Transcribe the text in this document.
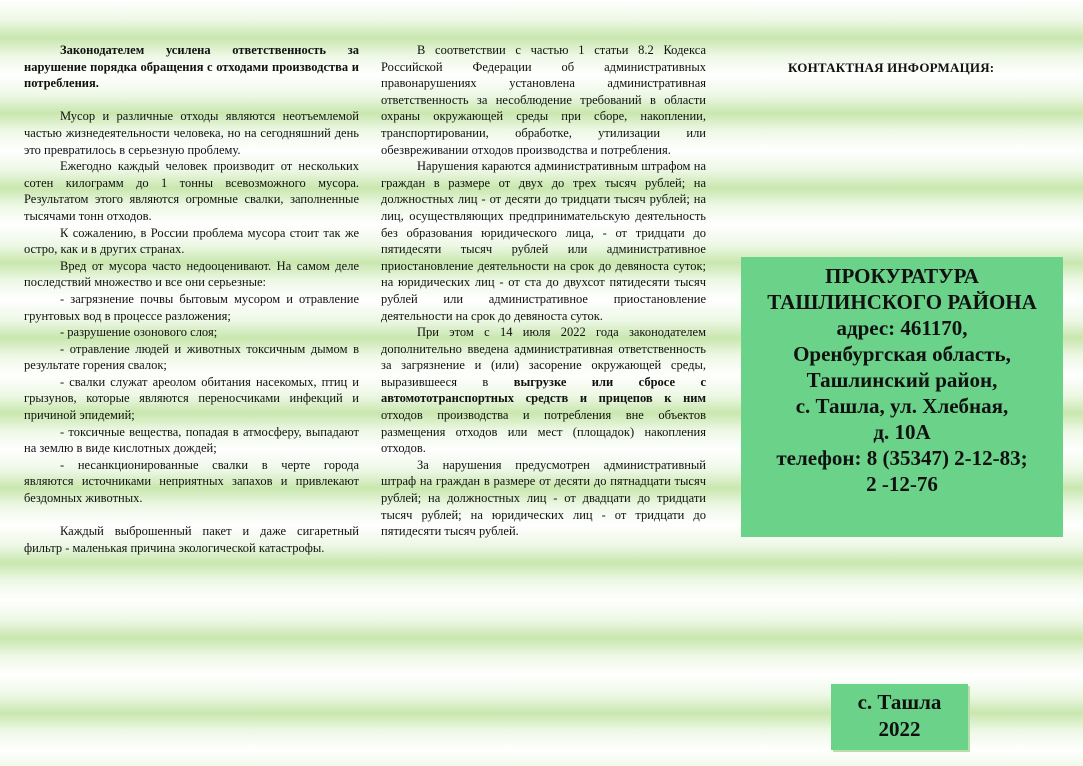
Законодателем усилена ответственность за нарушение порядка обращения с отходами производства и потребления.

Мусор и различные отходы являются неотъемлемой частью жизнедеятельности человека, но на сегодняшний день это превратилось в серьезную проблему.

Ежегодно каждый человек производит от нескольких сотен килограмм до 1 тонны всевозможного мусора. Результатом этого являются огромные свалки, заполненные тысячами тонн отходов.

К сожалению, в России проблема мусора стоит так же остро, как и в других странах.

Вред от мусора часто недооценивают. На самом деле последствий множество и все они серьезные:

- загрязнение почвы бытовым мусором и отравление грунтовых вод в процессе разложения;

- разрушение озонового слоя;

- отравление людей и животных токсичным дымом в результате горения свалок;

- свалки служат ареолом обитания насекомых, птиц и грызунов, которые являются переносчиками инфекций и причиной эпидемий;

- токсичные вещества, попадая в атмосферу, выпадают на землю в виде кислотных дождей;

- несанкционированные свалки в черте города являются источниками неприятных запахов и привлекают бездомных животных.

Каждый выброшенный пакет и даже сигаретный фильтр - маленькая причина экологической катастрофы.

В соответствии с частью 1 статьи 8.2 Кодекса Российской Федерации об административных правонарушениях установлена административная ответственность за несоблюдение требований в области охраны окружающей среды при сборе, накоплении, транспортировании, обработке, утилизации или обезвреживании отходов производства и потребления.

Нарушения караются административным штрафом на граждан в размере от двух до трех тысяч рублей; на должностных лиц - от десяти до тридцати тысяч рублей; на лиц, осуществляющих предпринимательскую деятельность без образования юридического лица, - от тридцати до пятидесяти тысяч рублей или административное приостановление деятельности на срок до девяноста суток; на юридических лиц - от ста до двухсот пятидесяти тысяч рублей или административное приостановление деятельности на срок до девяноста суток.

При этом с 14 июля 2022 года законодателем дополнительно введена административная ответственность за загрязнение и (или) засорение окружающей среды, выразившееся в выгрузке или сбросе с автомототранспортных средств и прицепов к ним отходов производства и потребления вне объектов размещения отходов или мест (площадок) накопления отходов.

За нарушения предусмотрен административный штраф на граждан в размере от десяти до пятнадцати тысяч рублей; на должностных лиц - от двадцати до тридцати тысяч рублей; на юридических лиц - от тридцати до пятидесяти тысяч рублей.

КОНТАКТНАЯ ИНФОРМАЦИЯ:
ПРОКУРАТУРА
ТАШЛИНСКОГО РАЙОНА
адрес: 461170,
Оренбургская область,
Ташлинский район,
с. Ташла, ул. Хлебная,
д. 10А
телефон: 8 (35347) 2-12-83;
2 -12-76
с. Ташла
2022
